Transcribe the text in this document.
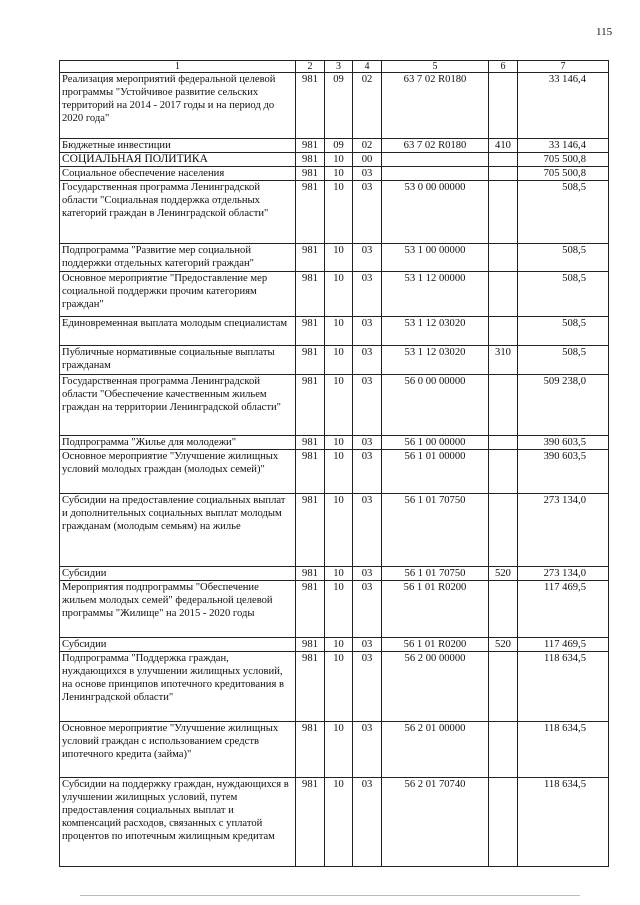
115
1	2	3	4	5	6	7
Реализация мероприятий федеральной целевой программы "Устойчивое развитие сельских территорий на 2014 - 2017 годы и на период до 2020 года"	981	09	02	63 7 02 R0180		33 146,4
Бюджетные инвестиции	981	09	02	63 7 02 R0180	410	33 146,4
СОЦИАЛЬНАЯ ПОЛИТИКА	981	10	00			705 500,8
Социальное обеспечение населения	981	10	03			705 500,8
Государственная программа Ленинградской области "Социальная поддержка отдельных категорий граждан в Ленинградской области"	981	10	03	53 0 00 00000		508,5
Подпрограмма "Развитие мер социальной поддержки отдельных категорий граждан"	981	10	03	53 1 00 00000		508,5
Основное мероприятие "Предоставление мер социальной поддержки прочим категориям граждан"	981	10	03	53 1 12 00000		508,5
Единовременная выплата молодым специалистам	981	10	03	53 1 12 03020		508,5
Публичные нормативные социальные выплаты гражданам	981	10	03	53 1 12 03020	310	508,5
Государственная программа Ленинградской области "Обеспечение качественным жильем граждан на территории Ленинградской области"	981	10	03	56 0 00 00000		509 238,0
Подпрограмма "Жилье для молодежи"	981	10	03	56 1 00 00000		390 603,5
Основное мероприятие "Улучшение жилищных условий молодых граждан (молодых семей)"	981	10	03	56 1 01 00000		390 603,5
Субсидии на предоставление социальных выплат и дополнительных социальных выплат молодым гражданам (молодым семьям) на жилье	981	10	03	56 1 01 70750		273 134,0
Субсидии	981	10	03	56 1 01 70750	520	273 134,0
Мероприятия подпрограммы "Обеспечение жильем молодых семей" федеральной целевой программы "Жилище" на 2015 - 2020 годы	981	10	03	56 1 01 R0200		117 469,5
Субсидии	981	10	03	56 1 01 R0200	520	117 469,5
Подпрограмма "Поддержка граждан, нуждающихся в улучшении жилищных условий, на основе принципов ипотечного кредитования в Ленинградской области"	981	10	03	56 2 00 00000		118 634,5
Основное мероприятие "Улучшение жилищных условий граждан с использованием средств ипотечного кредита (займа)"	981	10	03	56 2 01 00000		118 634,5
Субсидии на поддержку граждан, нуждающихся в улучшении жилищных условий, путем предоставления социальных выплат и компенсаций расходов, связанных с уплатой процентов по ипотечным жилищным кредитам	981	10	03	56 2 01 70740		118 634,5
